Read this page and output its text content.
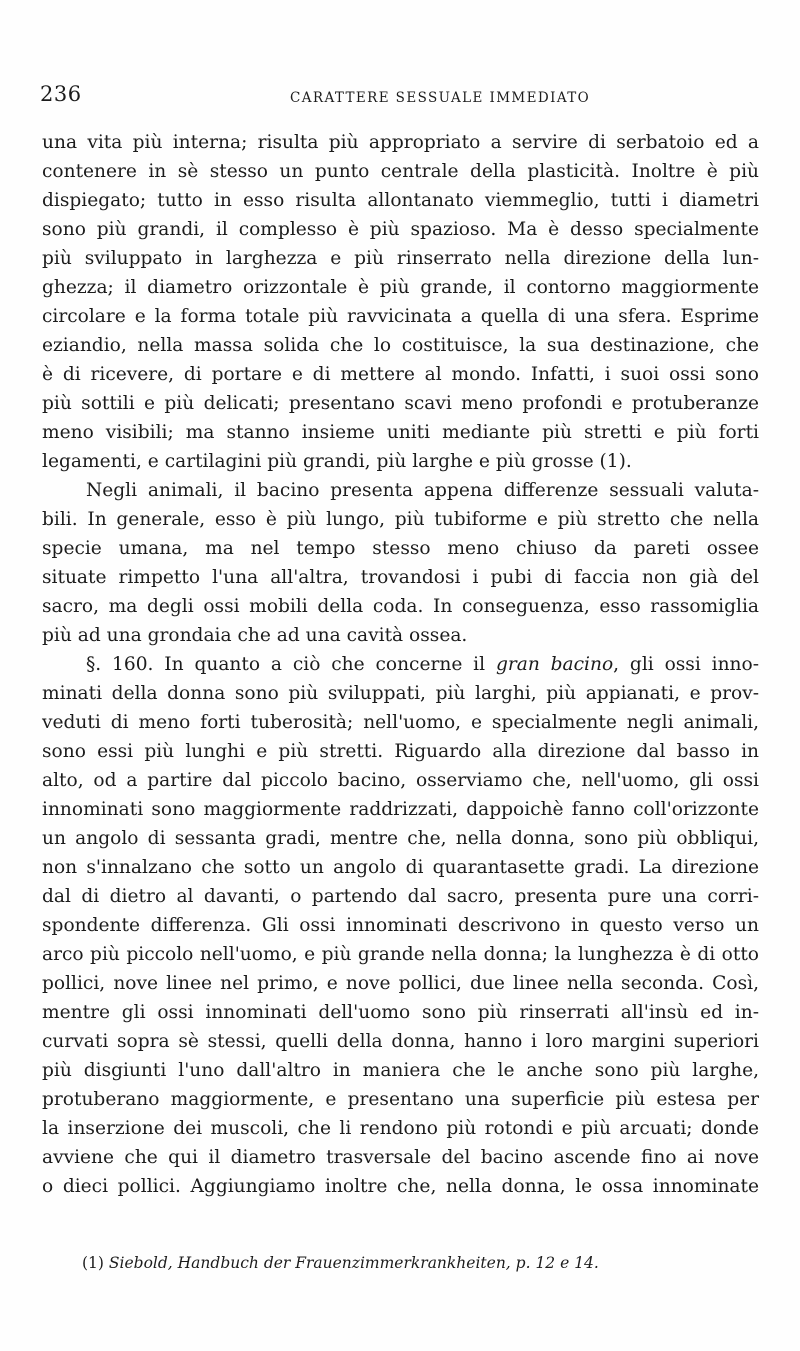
236	CARATTERE SESSUALE IMMEDIATO
una vita più interna; risulta più appropriato a servire di serbatoio ed a
contenere in sè stesso un punto centrale della plasticità. Inoltre è più
dispiegato; tutto in esso risulta allontanato viemmeglio, tutti i diametri
sono più grandi, il complesso è più spazioso. Ma è desso specialmente
più sviluppato in larghezza e più rinserrato nella direzione della lun-
ghezza; il diametro orizzontale è più grande, il contorno maggiormente
circolare e la forma totale più ravvicinata a quella di una sfera. Esprime
eziandio, nella massa solida che lo costituisce, la sua destinazione, che
è di ricevere, di portare e di mettere al mondo. Infatti, i suoi ossi sono
più sottili e più delicati; presentano scavi meno profondi e protuberanze
meno visibili; ma stanno insieme uniti mediante più stretti e più forti
legamenti, e cartilagini più grandi, più larghe e più grosse (1).
Negli animali, il bacino presenta appena differenze sessuali valuta-
bili. In generale, esso è più lungo, più tubiforme e più stretto che nella
specie umana, ma nel tempo stesso meno chiuso da pareti ossee
situate rimpetto l'una all'altra, trovandosi i pubi di faccia non già del
sacro, ma degli ossi mobili della coda. In conseguenza, esso rassomiglia
più ad una grondaia che ad una cavità ossea.
§. 160. In quanto a ciò che concerne il gran bacino, gli ossi inno-
minati della donna sono più sviluppati, più larghi, più appianati, e prov-
veduti di meno forti tuberosità; nell'uomo, e specialmente negli animali,
sono essi più lunghi e più stretti. Riguardo alla direzione dal basso in
alto, od a partire dal piccolo bacino, osserviamo che, nell'uomo, gli ossi
innominati sono maggiormente raddrizzati, dappoichè fanno coll'orizzonte
un angolo di sessanta gradi, mentre che, nella donna, sono più obbliqui,
non s'innalzano che sotto un angolo di quarantasette gradi. La direzione
dal di dietro al davanti, o partendo dal sacro, presenta pure una corri-
spondente differenza. Gli ossi innominati descrivono in questo verso un
arco più piccolo nell'uomo, e più grande nella donna; la lunghezza è di otto
pollici, nove linee nel primo, e nove pollici, due linee nella seconda. Così,
mentre gli ossi innominati dell'uomo sono più rinserrati all'insù ed in-
curvati sopra sè stessi, quelli della donna, hanno i loro margini superiori
più disgiunti l'uno dall'altro in maniera che le anche sono più larghe,
protuberano maggiormente, e presentano una superficie più estesa per
la inserzione dei muscoli, che li rendono più rotondi e più arcuati; donde
avviene che qui il diametro trasversale del bacino ascende fino ai nove
o dieci pollici. Aggiungiamo inoltre che, nella donna, le ossa innominate
(1) Siebold, Handbuch der Frauenzimmerkrankheiten, p. 12 e 14.
